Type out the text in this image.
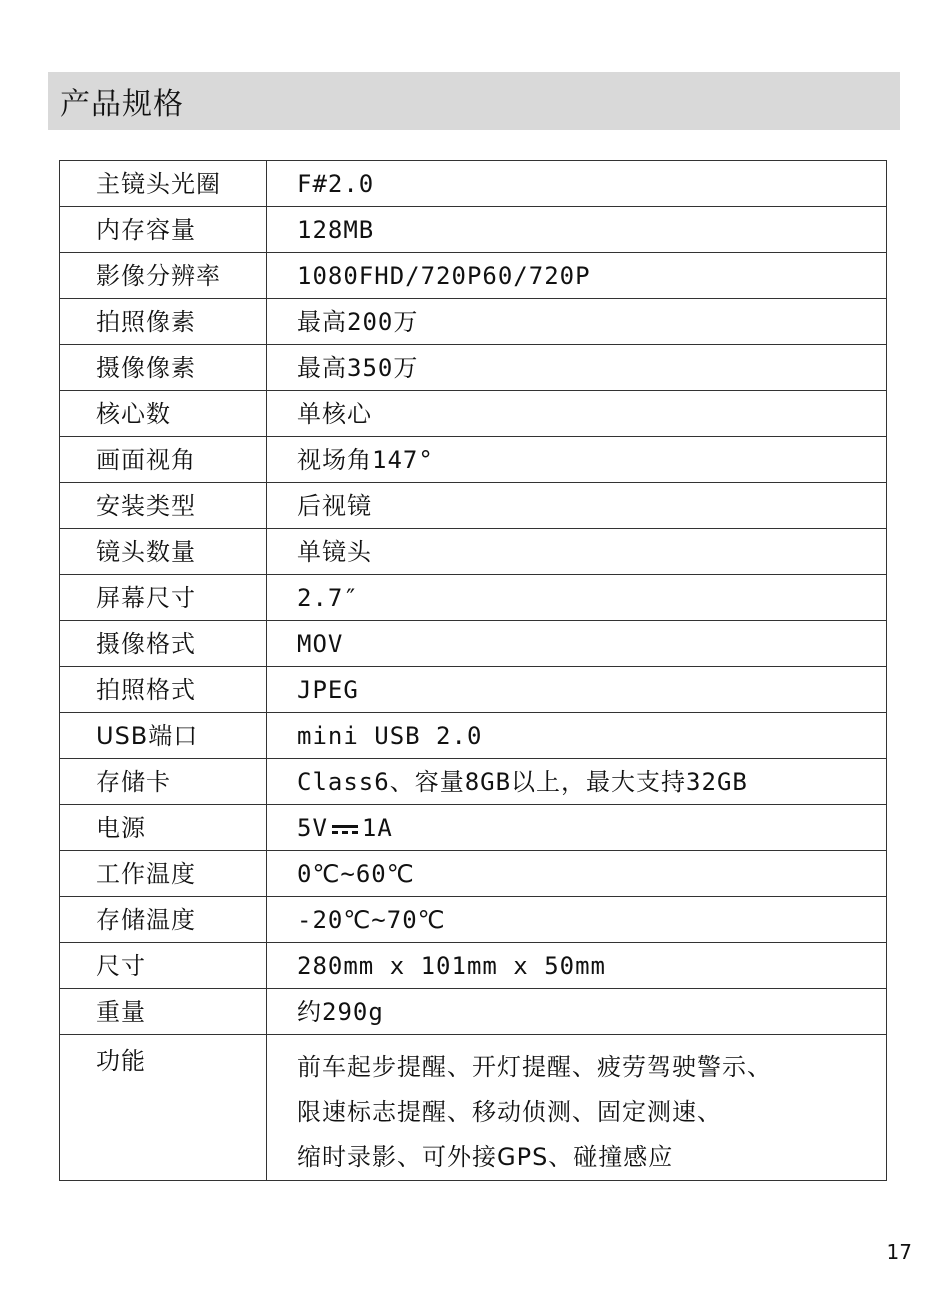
产品规格
主镜头光圈	F#2.0
内存容量	128MB
影像分辨率	1080FHD/720P60/720P
拍照像素	最高200万
摄像像素	最高350万
核心数	单核心
画面视角	视场角147°
安装类型	后视镜
镜头数量	单镜头
屏幕尺寸	2.7″
摄像格式	MOV
拍照格式	JPEG
USB端口	mini USB 2.0
存储卡	Class6、容量8GB以上，最大支持32GB
电源	5V 1A
工作温度	0℃~60℃
存储温度	-20℃~70℃
尺寸	280mm x 101mm x 50mm
重量	约290g
功能	前车起步提醒、开灯提醒、疲劳驾驶警示、
限速标志提醒、移动侦测、固定测速、
缩时录影、可外接GPS、碰撞感应
17
